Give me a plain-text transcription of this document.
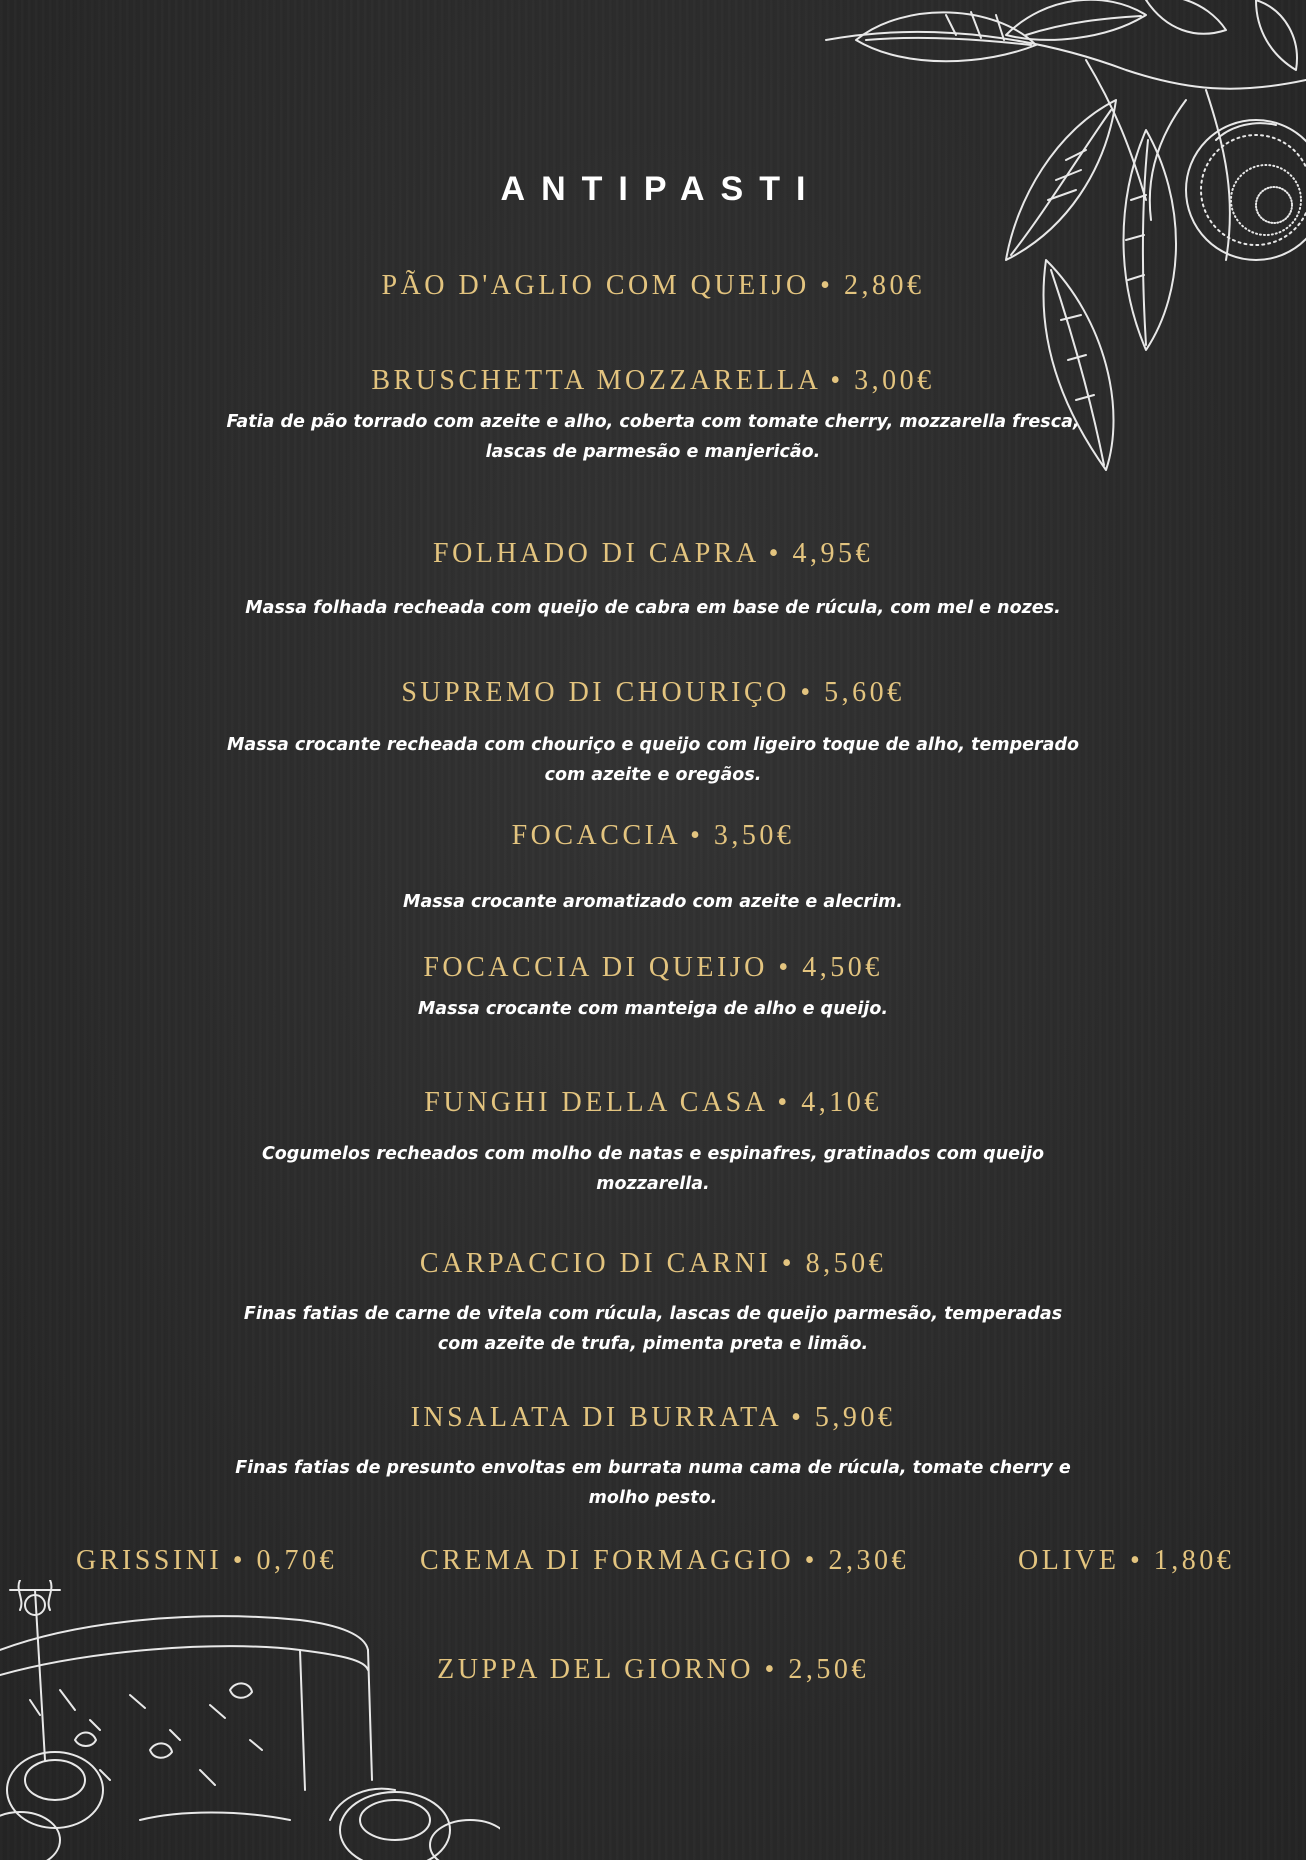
ANTIPASTI
PÃO D'AGLIO COM QUEIJO • 2,80€
BRUSCHETTA MOZZARELLA • 3,00€
Fatia de pão torrado com azeite e alho, coberta com tomate cherry, mozzarella fresca, lascas de parmesão e manjericão.
FOLHADO DI CAPRA • 4,95€
Massa folhada recheada com queijo de cabra em base de rúcula, com mel e nozes.
SUPREMO DI CHOURIÇO • 5,60€
Massa crocante recheada com chouriço e queijo com ligeiro toque de alho, temperado com azeite e oregãos.
FOCACCIA • 3,50€
Massa crocante aromatizado com azeite e alecrim.
FOCACCIA DI QUEIJO • 4,50€
Massa crocante com manteiga de alho e queijo.
FUNGHI DELLA CASA • 4,10€
Cogumelos recheados com molho de natas e espinafres, gratinados com queijo mozzarella.
CARPACCIO DI CARNI • 8,50€
Finas fatias de carne de vitela com rúcula, lascas de queijo parmesão, temperadas com azeite de trufa, pimenta preta e limão.
INSALATA DI BURRATA • 5,90€
Finas fatias de presunto envoltas em burrata numa cama de rúcula, tomate cherry e molho pesto.
GRISSINI • 0,70€	CREMA DI FORMAGGIO • 2,30€	OLIVE • 1,80€
ZUPPA DEL GIORNO • 2,50€
